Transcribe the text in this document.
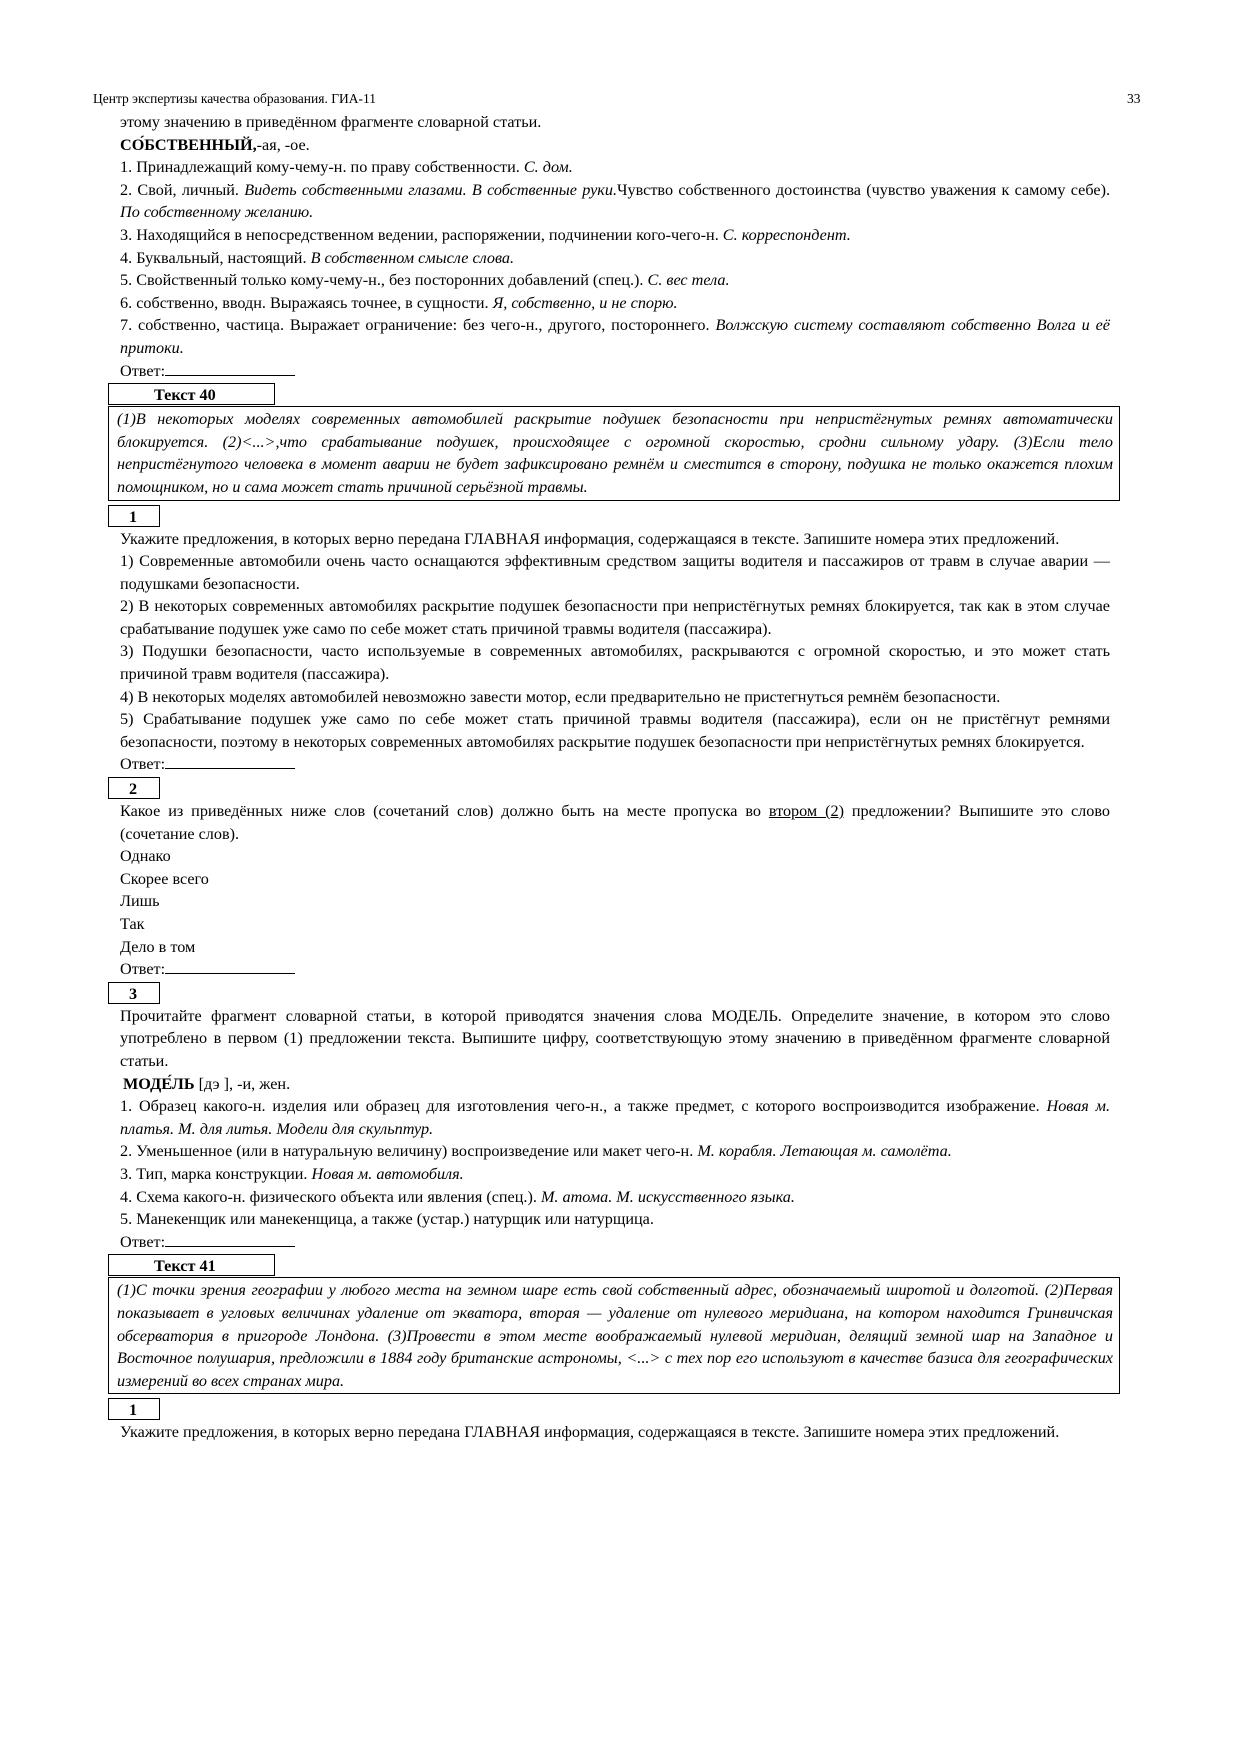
Центр экспертизы качества образования. ГИА-11	33

этому значению в приведённом фрагменте словарной статьи.

СО́БСТВЕННЫЙ,-ая, -ое.

1. Принадлежащий кому-чему-н. по праву собственности. С. дом.

2. Свой, личный. Видеть собственными глазами. В собственные руки.Чувство собственного достоинства (чувство уважения к самому себе). По собственному желанию.

3. Находящийся в непосредственном ведении, распоряжении, подчинении кого-чего-н. С. корреспондент.

4. Буквальный, настоящий. В собственном смысле слова.

5. Свойственный только кому-чему-н., без посторонних добавлений (спец.). С. вес тела.

6. собственно, вводн. Выражаясь точнее, в сущности. Я, собственно, и не спорю.

7. собственно, частица. Выражает ограничение: без чего-н., другого, постороннего. Волжскую систему составляют собственно Волга и её притоки.

Ответ:

Текст 40
(1)В некоторых моделях современных автомобилей раскрытие подушек безопасности при непристёгнутых ремнях автоматически блокируется. (2)<...>,что срабатывание подушек, происходящее с огромной скоростью, сродни сильному удару. (3)Если тело непристёгнутого человека в момент аварии не будет зафиксировано ремнём и сместится в сторону, подушка не только окажется плохим помощником, но и сама может стать причиной серьёзной травмы.
1

Укажите предложения, в которых верно передана ГЛАВНАЯ информация, содержащаяся в тексте. Запишите номера этих предложений.

1) Современные автомобили очень часто оснащаются эффективным средством защиты водителя и пассажиров от травм в случае аварии — подушками безопасности.

2) В некоторых современных автомобилях раскрытие подушек безопасности при непристёгнутых ремнях блокируется, так как в этом случае срабатывание подушек уже само по себе может стать причиной травмы водителя (пассажира).

3) Подушки безопасности, часто используемые в современных автомобилях, раскрываются с огромной скоростью, и это может стать причиной травм водителя (пассажира).

4) В некоторых моделях автомобилей невозможно завести мотор, если предварительно не пристегнуться ремнём безопасности.

5) Срабатывание подушек уже само по себе может стать причиной травмы водителя (пассажира), если он не пристёгнут ремнями безопасности, поэтому в некоторых современных автомобилях раскрытие подушек безопасности при непристёгнутых ремнях блокируется.

Ответ:

2

Какое из приведённых ниже слов (сочетаний слов) должно быть на месте пропуска во втором (2) предложении? Выпишите это слово (сочетание слов).

Однако

Скорее всего

Лишь

Так

Дело в том

Ответ:

3

Прочитайте фрагмент словарной статьи, в которой приводятся значения слова МОДЕЛЬ. Определите значение, в котором это слово употреблено в первом (1) предложении текста. Выпишите цифру, соответствующую этому значению в приведённом фрагменте словарной статьи.

МОДЕ́ЛЬ [дэ ], -и, жен.

1. Образец какого-н. изделия или образец для изготовления чего-н., а также предмет, с которого воспроизводится изображение. Новая м. платья. М. для литья. Модели для скульптур.

2. Уменьшенное (или в натуральную величину) воспроизведение или макет чего-н. М. корабля. Летающая м. самолёта.

3. Тип, марка конструкции. Новая м. автомобиля.

4. Схема какого-н. физического объекта или явления (спец.). М. атома. М. искусственного языка.

5. Манекенщик или манекенщица, а также (устар.) натурщик или натурщица.

Ответ:

Текст 41
(1)С точки зрения географии у любого места на земном шаре есть свой собственный адрес, обозначаемый широтой и долготой. (2)Первая показывает в угловых величинах удаление от экватора, вторая — удаление от нулевого меридиана, на котором находится Гринвичская обсерватория в пригороде Лондона. (3)Провести в этом месте воображаемый нулевой меридиан, делящий земной шар на Западное и Восточное полушария, предложили в 1884 году британские астрономы, <...> с тех пор его используют в качестве базиса для географических измерений во всех странах мира.
1

Укажите предложения, в которых верно передана ГЛАВНАЯ информация, содержащаяся в тексте. Запишите номера этих предложений.
